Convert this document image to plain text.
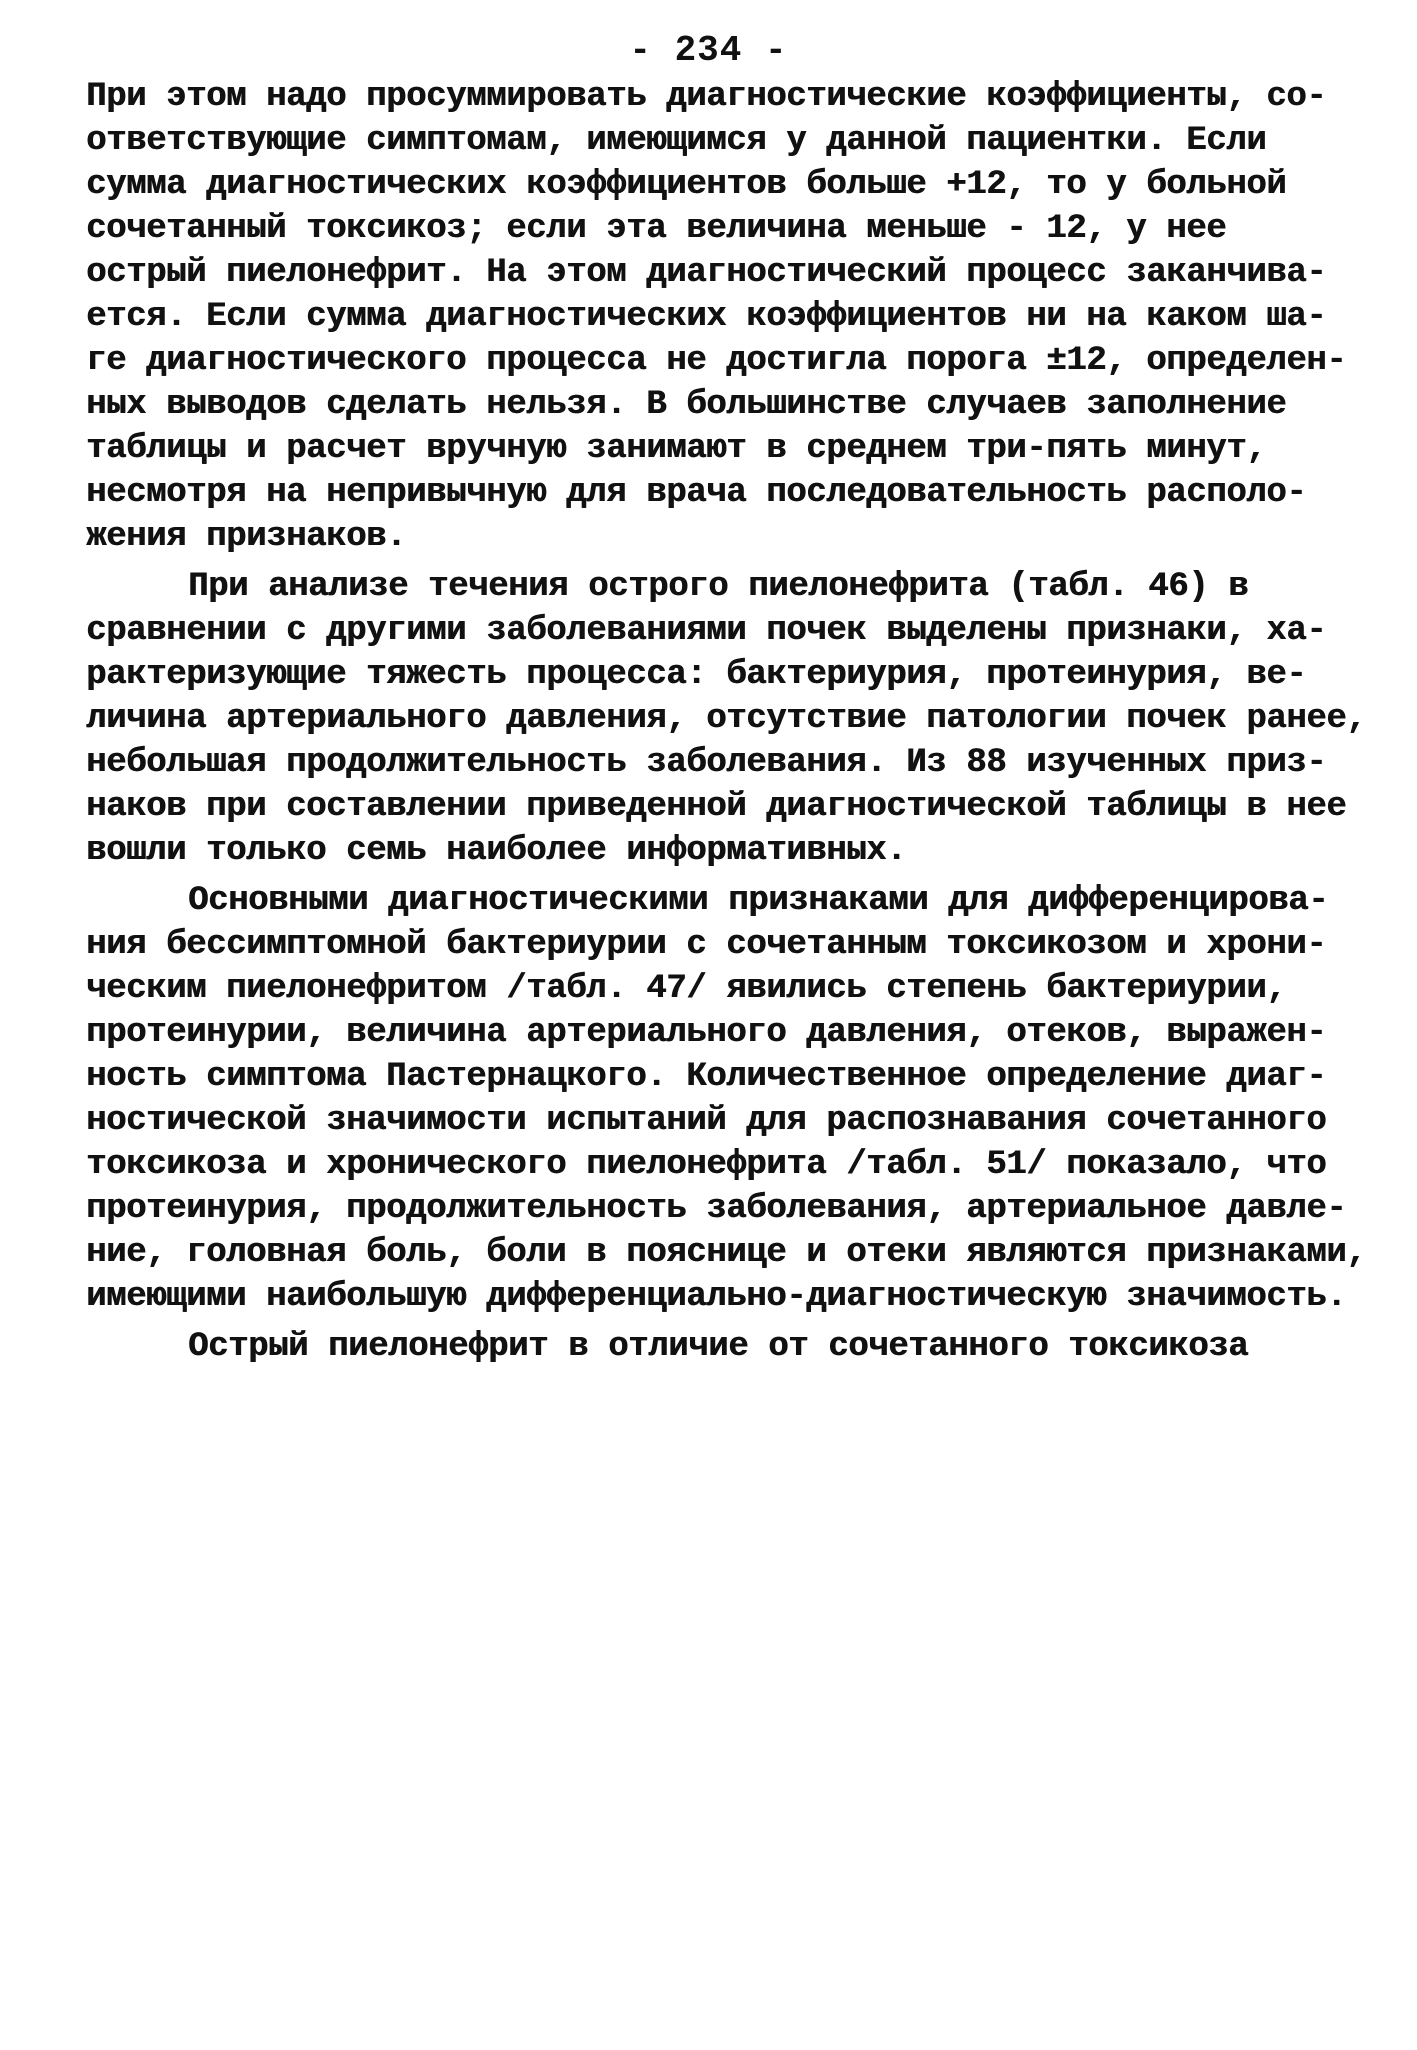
- 234 -
При этом надо просуммировать диагностические коэффициенты, со-
ответствующие симптомам, имеющимся у данной пациентки. Если
сумма диагностических коэффициентов больше +12, то у больной
сочетанный токсикоз; если эта величина меньше - 12, у нее
острый пиелонефрит. На этом диагностический процесс заканчива-
ется. Если сумма диагностических коэффициентов ни на каком ша-
ге диагностического процесса не достигла порога ±12, определен-
ных выводов сделать нельзя. В большинстве случаев заполнение
таблицы и расчет вручную занимают в среднем три-пять минут,
несмотря на непривычную для врача последовательность располо-
жения признаков.
При анализе течения острого пиелонефрита (табл. 46) в
сравнении с другими заболеваниями почек выделены признаки, ха-
рактеризующие тяжесть процесса: бактериурия, протеинурия, ве-
личина артериального давления, отсутствие патологии почек ранее,
небольшая продолжительность заболевания. Из 88 изученных приз-
наков при составлении приведенной диагностической таблицы в нее
вошли только семь наиболее информативных.
Основными диагностическими признаками для дифференцирова-
ния бессимптомной бактериурии с сочетанным токсикозом и хрони-
ческим пиелонефритом /табл. 47/ явились степень бактериурии,
протеинурии, величина артериального давления, отеков, выражен-
ность симптома Пастернацкого. Количественное определение диаг-
ностической значимости испытаний для распознавания сочетанного
токсикоза и хронического пиелонефрита /табл. 51/ показало, что
протеинурия, продолжительность заболевания, артериальное давле-
ние, головная боль, боли в пояснице и отеки являются признаками,
имеющими наибольшую дифференциально-диагностическую значимость.
Острый пиелонефрит в отличие от сочетанного токсикоза
